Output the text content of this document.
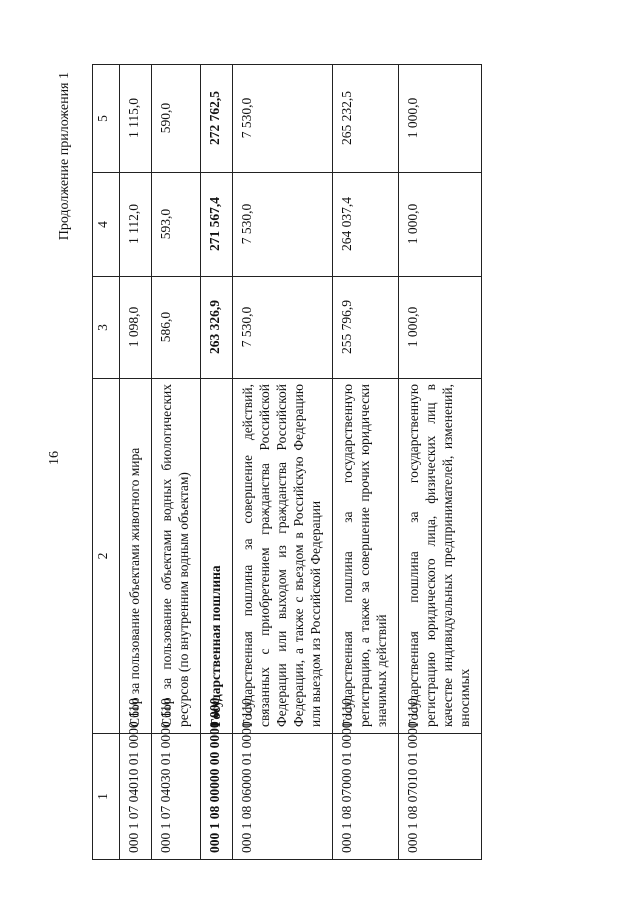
16
Продолжение приложения 1
1	2	3	4	5
000 1 07 04010 01 0000 110	Сбор за пользование объектами животного мира	1 098,0	1 112,0	1 115,0
000 1 07 04030 01 0000 110	Сбор за пользование объектами водных биологических ресурсов (по внутренним водным объектам)	586,0	593,0	590,0
000 1 08 00000 00 0000 000	Государственная пошлина	263 326,9	271 567,4	272 762,5
000 1 08 06000 01 0000 110	Государственная пошлина за совершение действий, связанных с приобретением гражданства Российской Федерации или выходом из гражданства Российской Федерации, а также с въездом в Российскую Федерацию или выездом из Российской Федерации	7 530,0	7 530,0	7 530,0
000 1 08 07000 01 0000 110	Государственная пошлина за государственную регистрацию, а также за совершение прочих юридически значимых действий	255 796,9	264 037,4	265 232,5
000 1 08 07010 01 0000 110	Государственная пошлина за государственную регистрацию юридического лица, физических лиц в качестве индивидуальных предпринимателей, изменений, вносимых	1 000,0	1 000,0	1 000,0
